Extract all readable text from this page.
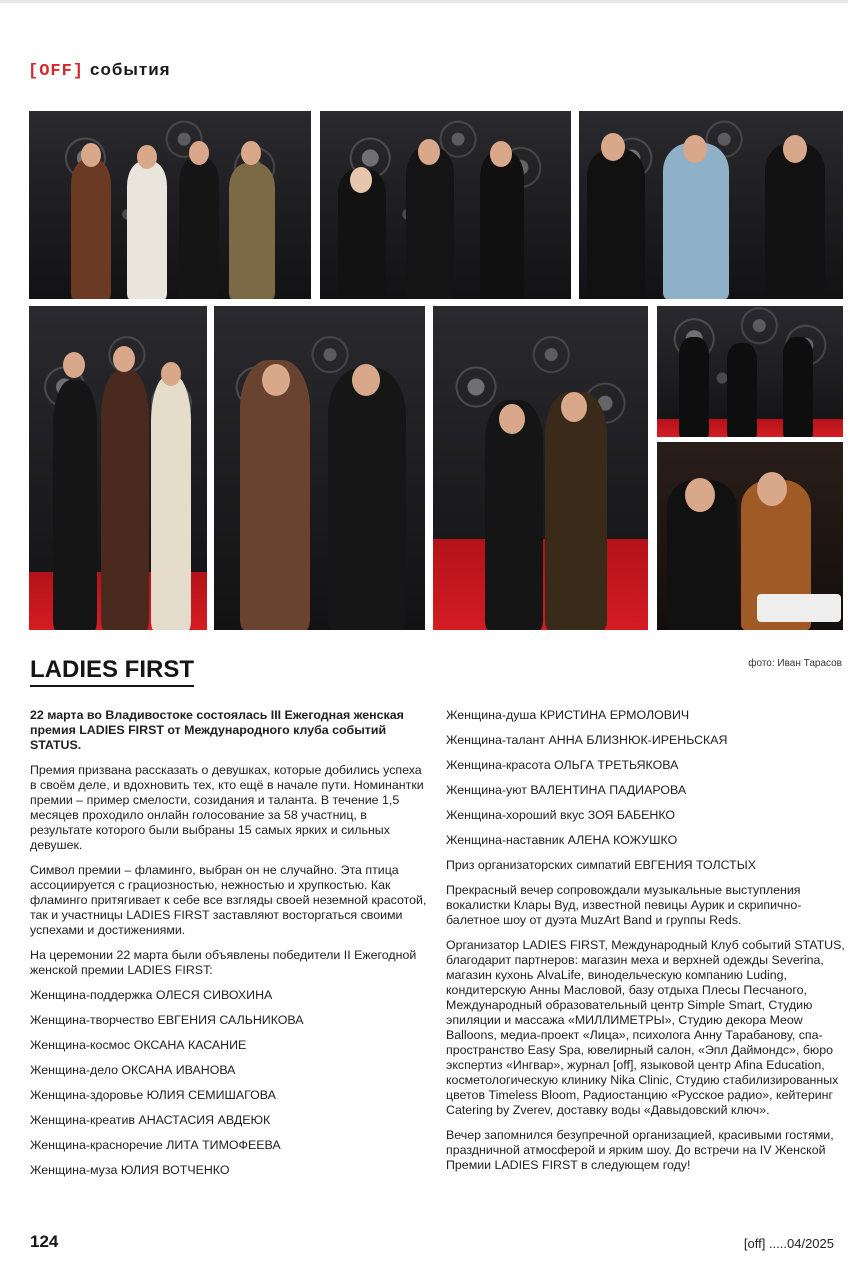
[OFF] события
LADIES FIRST	фото: Иван Тарасов

22 марта во Владивостоке состоялась III Ежегодная женская премия LADIES FIRST от Международного клуба событий STATUS.

Премия призвана рассказать о девушках, которые добились успеха в своём деле, и вдохновить тех, кто ещё в начале пути. Номинантки премии – пример смелости, созидания и таланта. В течение 1,5 месяцев проходило онлайн голосование за 58 участниц, в результате которого были выбраны 15 самых ярких и сильных девушек.

Символ премии – фламинго, выбран он не случайно. Эта птица ассоциируется с грациозностью, нежностью и хрупкостью. Как фламинго притягивает к себе все взгляды своей неземной красотой, так и участницы LADIES FIRST заставляют восторгаться своими успехами и достижениями.

На церемонии 22 марта были объявлены победители II Ежегодной женской премии LADIES FIRST:

Женщина-поддержка ОЛЕСЯ СИВОХИНА

Женщина-творчество ЕВГЕНИЯ САЛЬНИКОВА

Женщина-космос ОКСАНА КАСАНИЕ

Женщина-дело ОКСАНА ИВАНОВА

Женщина-здоровье ЮЛИЯ СЕМИШАГОВА

Женщина-креатив АНАСТАСИЯ АВДЕЮК

Женщина-красноречие ЛИТА ТИМОФЕЕВА

Женщина-муза ЮЛИЯ ВОТЧЕНКО

Женщина-душа КРИСТИНА ЕРМОЛОВИЧ

Женщина-талант АННА БЛИЗНЮК-ИРЕНЬСКАЯ

Женщина-красота ОЛЬГА ТРЕТЬЯКОВА

Женщина-уют ВАЛЕНТИНА ПАДИАРОВА

Женщина-хороший вкус ЗОЯ БАБЕНКО

Женщина-наставник АЛЕНА КОЖУШКО

Приз организаторских симпатий ЕВГЕНИЯ ТОЛСТЫХ

Прекрасный вечер сопровождали музыкальные выступления вокалистки Клары Вуд, известной певицы Аурик и скрипично-балетное шоу от дуэта MuzArt Band и группы Reds.

Организатор LADIES FIRST, Международный Клуб событий STATUS, благодарит партнеров: магазин меха и верхней одежды Severina, магазин кухонь AlvaLife, винодельческую компанию Luding, кондитерскую Анны Масловой, базу отдыха Плесы Песчаного, Международный образовательный центр Simple Smart, Студию эпиляции и массажа «МИЛЛИМЕТРЫ», Студию декора Meow Balloons, медиа-проект «Лица», психолога Анну Тарабанову, спа-пространство Easy Spa, ювелирный салон, «Эпл Даймондс», бюро экспертиз «Ингвар», журнал [off], языковой центр Afina Education, косметологическую клинику Nika Clinic, Студию стабилизированных цветов Timeless Bloom, Радиостанцию «Русское радио», кейтеринг Catering by Zverev, доставку воды «Давыдовский ключ».

Вечер запомнился безупречной организацией, красивыми гостями, праздничной атмосферой и ярким шоу. До встречи на IV Женской Премии LADIES FIRST в следующем году!

124	[off] .....04/2025
